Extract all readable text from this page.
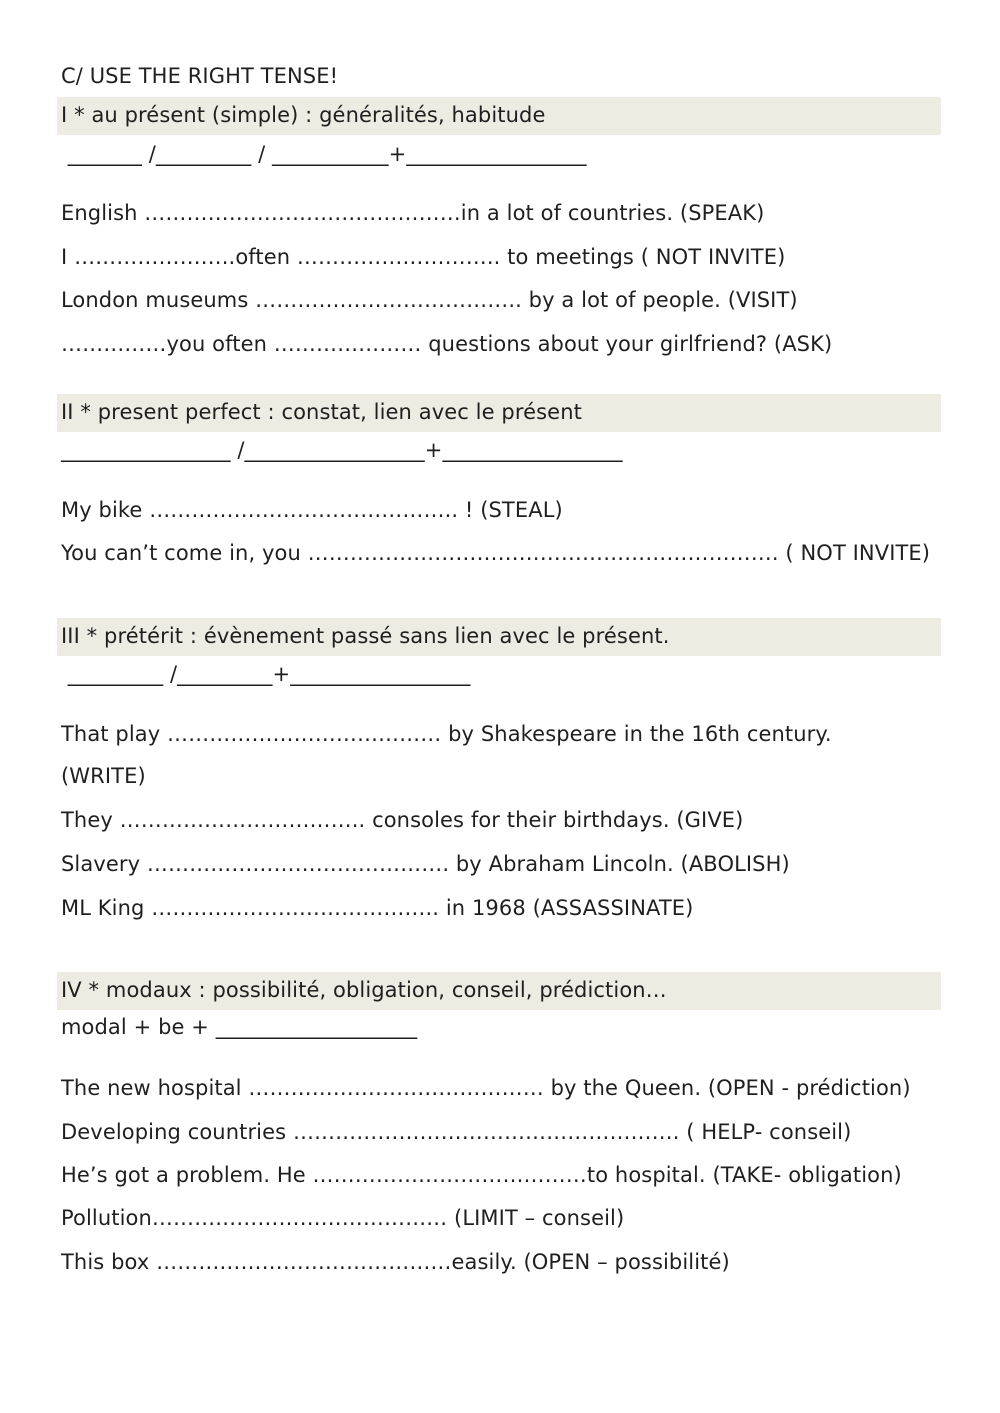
C/ USE THE RIGHT TENSE!
I * au présent (simple) : généralités, habitude
_______ /_________ / ___________+_________________
English ………………………………………in a lot of countries. (SPEAK)
I …………………..often ……………………….. to meetings ( NOT INVITE)
London museums ……………………………….. by a lot of people. (VISIT)
……………you often ………………… questions about your girlfriend? (ASK)
II * present perfect : constat, lien avec le présent
________________ /_________________+_________________
My bike …………………………………….. ! (STEAL)
You can’t come in, you …………………………………………………………. ( NOT INVITE)
III * prétérit : évènement passé sans lien avec le présent.
_________ /_________+_________________
That play ………………………………… by Shakespeare in the 16th century.
(WRITE)
They …………………………….. consoles for their birthdays. (GIVE)
Slavery ……………………………………. by Abraham Lincoln. (ABOLISH)
ML King ………………………………….. in 1968 (ASSASSINATE)
IV * modaux : possibilité, obligation, conseil, prédiction…
modal + be + ___________________
The new hospital …………………………………… by the Queen. (OPEN - prédiction)
Developing countries ………………………………………………. ( HELP- conseil)
He’s got a problem. He …………………………………to hospital. (TAKE- obligation)
Pollution…………………………………… (LIMIT – conseil)
This box ……………………………………easily. (OPEN – possibilité)
